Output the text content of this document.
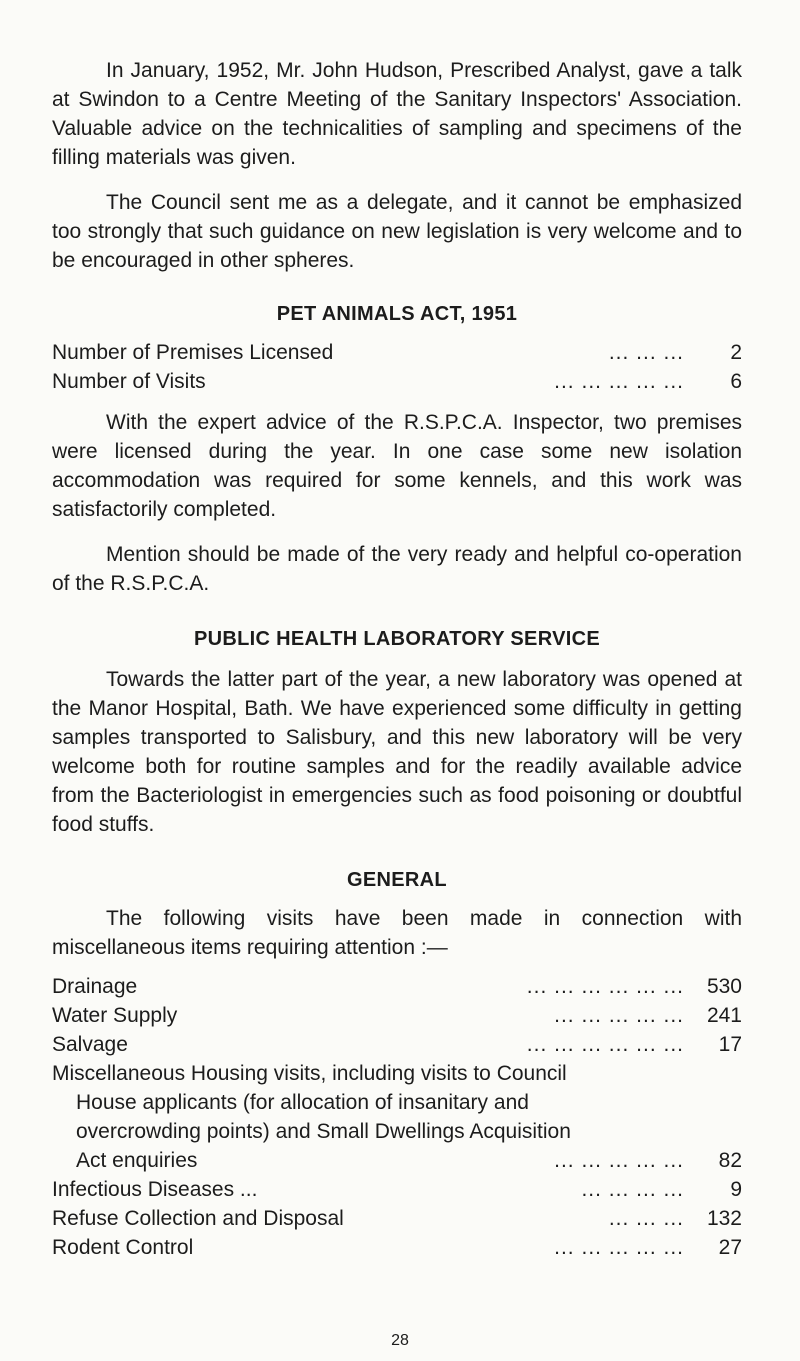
In January, 1952, Mr. John Hudson, Prescribed Analyst, gave a talk at Swindon to a Centre Meeting of the Sanitary Inspectors' Association. Valuable advice on the technicalities of sampling and specimens of the filling materials was given.

The Council sent me as a delegate, and it cannot be emphasized too strongly that such guidance on new legislation is very welcome and to be encouraged in other spheres.

PET ANIMALS ACT, 1951
Number of Premises Licensed	... ... ...	2
Number of Visits	... ... ... ... ...	6

With the expert advice of the R.S.P.C.A. Inspector, two premises were licensed during the year. In one case some new isolation accommodation was required for some kennels, and this work was satisfactorily completed.

Mention should be made of the very ready and helpful co-operation of the R.S.P.C.A.

PUBLIC HEALTH LABORATORY SERVICE

Towards the latter part of the year, a new laboratory was opened at the Manor Hospital, Bath. We have experienced some difficulty in getting samples transported to Salisbury, and this new laboratory will be very welcome both for routine samples and for the readily available advice from the Bacteriologist in emergencies such as food poisoning or doubtful food stuffs.

GENERAL

The following visits have been made in connection with miscellaneous items requiring attention :—

Drainage	... ... ... ... ... ...	530
Water Supply	... ... ... ... ...	241
Salvage	... ... ... ... ... ...	17
Miscellaneous Housing visits, including visits to Council
House applicants (for allocation of insanitary and
overcrowding points) and Small Dwellings Acquisition
Act enquiries	... ... ... ... ...	82
Infectious Diseases ...	... ... ... ...	9
Refuse Collection and Disposal	... ... ...	132
Rodent Control	... ... ... ... ...	27
28
